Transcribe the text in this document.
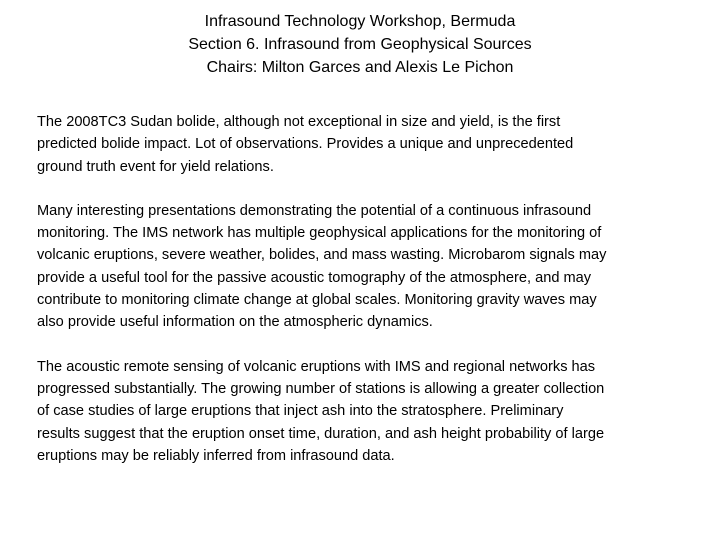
Infrasound Technology Workshop, Bermuda
Section 6. Infrasound from Geophysical Sources
Chairs: Milton Garces and Alexis Le Pichon
The 2008TC3 Sudan bolide, although not exceptional in size and yield, is the first
predicted bolide impact. Lot of observations. Provides a unique and unprecedented
ground truth event for yield relations.
Many interesting presentations demonstrating the potential of a continuous infrasound
monitoring. The IMS network has multiple geophysical applications for the monitoring of
volcanic eruptions, severe weather, bolides, and mass wasting. Microbarom signals may
provide a useful tool for the passive acoustic tomography of the atmosphere, and may
contribute to monitoring climate change at global scales. Monitoring gravity waves may
also provide useful information on the atmospheric dynamics.
The acoustic remote sensing of volcanic eruptions with IMS and regional networks has
progressed substantially. The growing number of stations is allowing a greater collection
of case studies of large eruptions that inject ash into the stratosphere. Preliminary
results suggest that the eruption onset time, duration, and ash height probability of large
eruptions may be reliably inferred from infrasound data.
